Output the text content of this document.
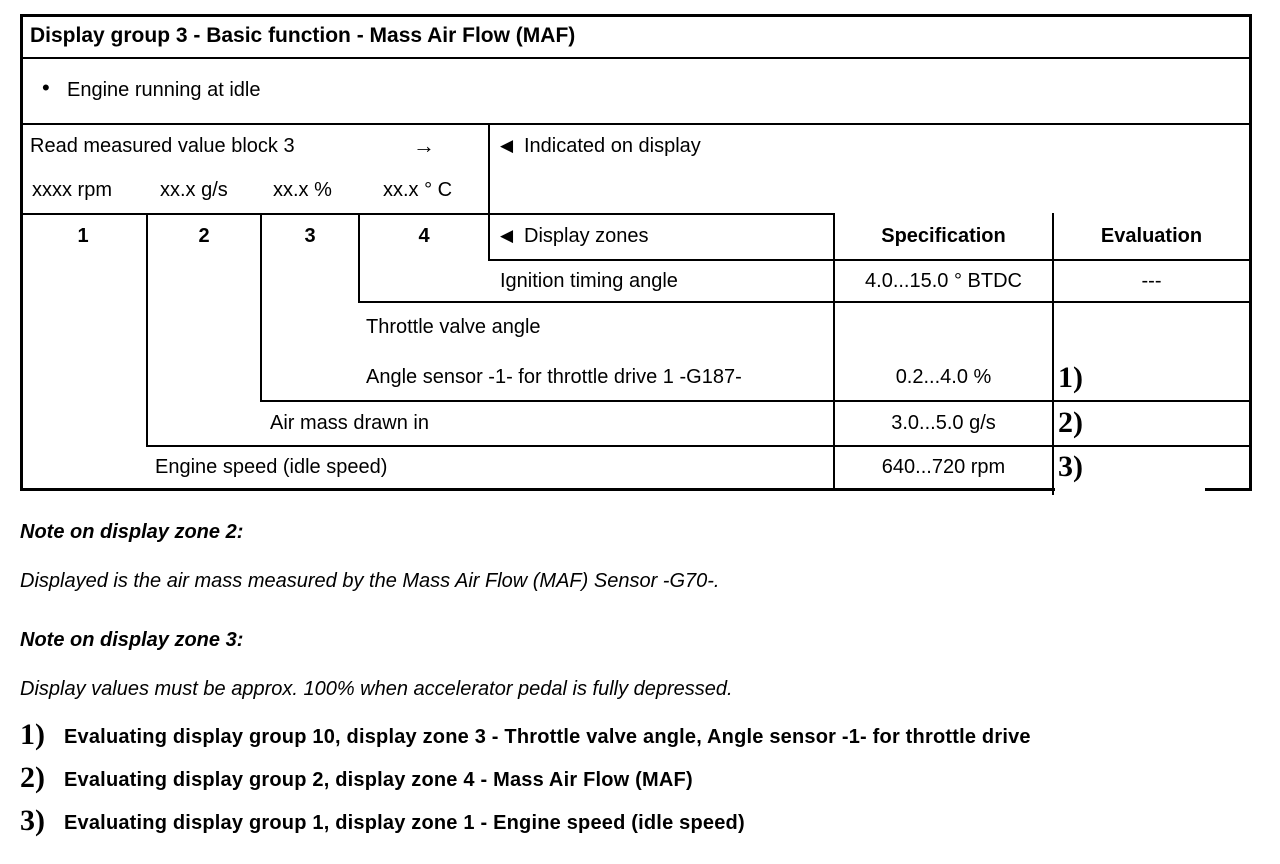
Display group 3 - Basic function - Mass Air Flow (MAF)
• Engine running at idle
Read measured value block 3	→
xxxx rpm xx.x g/s xx.x %	xx.x ° C
◀ Indicated on display
1	2	3	4	◀ Display zones	Specification	Evaluation
Ignition timing angle	4.0...15.0 ° BTDC	---
Throttle valve angle
Angle sensor -1- for throttle drive 1 -G187-	0.2...4.0 %	1)
Air mass drawn in	3.0...5.0 g/s	2)
Engine speed (idle speed)	640...720 rpm	3)
Note on display zone 2:
Displayed is the air mass measured by the Mass Air Flow (MAF) Sensor -G70-.
Note on display zone 3:
Display values must be approx. 100% when accelerator pedal is fully depressed.
1) Evaluating display group 10, display zone 3 - Throttle valve angle, Angle sensor -1- for throttle drive
2) Evaluating display group 2, display zone 4 - Mass Air Flow (MAF)
3) Evaluating display group 1, display zone 1 - Engine speed (idle speed)
